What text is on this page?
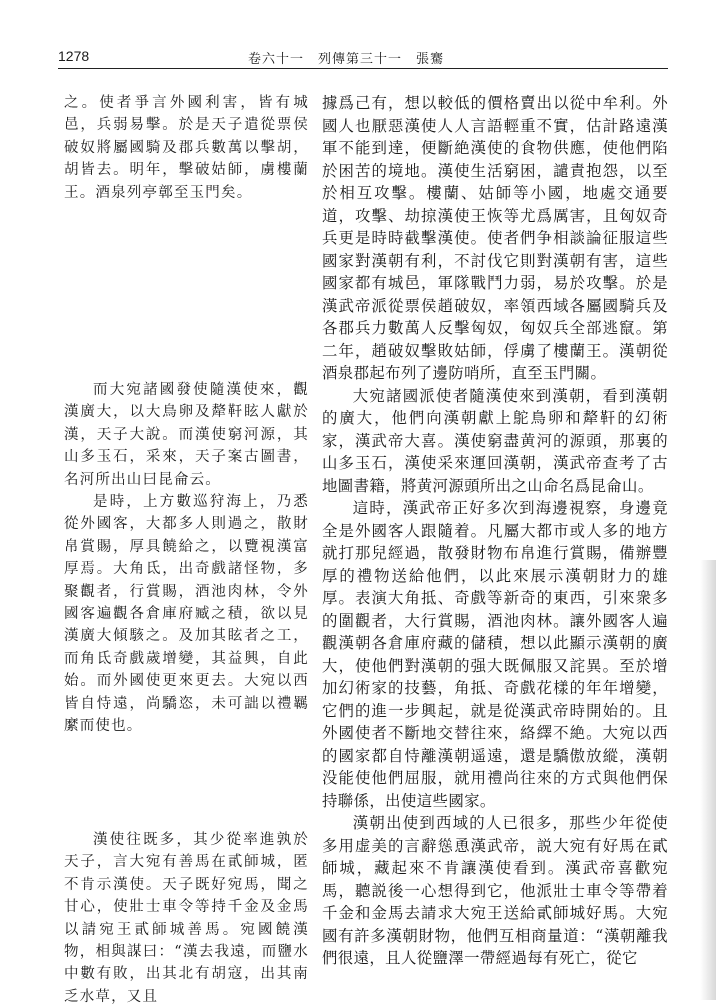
1278	卷六十一　列傳第三十一　張騫

之。使者爭言外國利害，皆有城邑，兵弱易擊。於是天子遣從票侯破奴將屬國騎及郡兵數萬以擊胡，胡皆去。明年，擊破姑師，虜樓蘭王。酒泉列亭鄣至玉門矣。

而大宛諸國發使隨漢使來，觀漢廣大，以大鳥卵及犛靬眩人獻於漢，天子大說。而漢使窮河源，其山多玉石，采來，天子案古圖書，名河所出山曰昆侖云。

是時，上方數巡狩海上，乃悉從外國客，大都多人則過之，散財帛賞賜，厚具饒給之，以覽視漢富厚焉。大角氐，出奇戲諸怪物，多聚觀者，行賞賜，酒池肉林，令外國客遍觀各倉庫府臧之積，欲以見漢廣大傾駭之。及加其眩者之工，而角氐奇戲歲增變，其益興，自此始。而外國使更來更去。大宛以西皆自恃遠，尚驕恣，未可詘以禮羈縻而使也。

漢使往既多，其少從率進孰於天子，言大宛有善馬在貳師城，匿不肯示漢使。天子既好宛馬，聞之甘心，使壯士車令等持千金及金馬以請宛王貳師城善馬。宛國饒漢物，相與謀曰：“漢去我遠，而鹽水中數有敗，出其北有胡寇，出其南乏水草，又且

據爲己有，想以較低的價格賣出以從中牟利。外國人也厭惡漢使人人言語輕重不實，估計路遠漢軍不能到達，便斷絶漢使的食物供應，使他們陷於困苦的境地。漢使生活窮困，譴責抱怨，以至於相互攻擊。樓蘭、姑師等小國，地處交通要道，攻擊、劫掠漢使王恢等尤爲厲害，且匈奴奇兵更是時時截擊漢使。使者們争相談論征服這些國家對漢朝有利，不討伐它則對漢朝有害，這些國家都有城邑，軍隊戰鬥力弱，易於攻擊。於是漢武帝派從票侯趙破奴，率領西域各屬國騎兵及各郡兵力數萬人反擊匈奴，匈奴兵全部逃竄。第二年，趙破奴擊敗姑師，俘虜了樓蘭王。漢朝從酒泉郡起布列了邊防哨所，直至玉門關。

大宛諸國派使者隨漢使來到漢朝，看到漢朝的廣大，他們向漢朝獻上鴕鳥卵和犛靬的幻術家，漢武帝大喜。漢使窮盡黄河的源頭，那裏的山多玉石，漢使采來運回漢朝，漢武帝查考了古地圖書籍，將黄河源頭所出之山命名爲昆侖山。

這時，漢武帝正好多次到海邊視察，身邊竟全是外國客人跟隨着。凡屬大都市或人多的地方就打那兒經過，散發財物布帛進行賞賜，備辦豐厚的禮物送給他們，以此來展示漢朝財力的雄厚。表演大角抵、奇戲等新奇的東西，引來衆多的圍觀者，大行賞賜，酒池肉林。讓外國客人遍觀漢朝各倉庫府藏的儲積，想以此顯示漢朝的廣大，使他們對漢朝的强大既佩服又詫異。至於增加幻術家的技藝，角抵、奇戲花樣的年年增變，它們的進一步興起，就是從漢武帝時開始的。且外國使者不斷地交替往來，絡繹不絶。大宛以西的國家都自恃離漢朝遥遠，還是驕傲放縱，漢朝没能使他們屈服，就用禮尚往來的方式與他們保持聯係，出使這些國家。

漢朝出使到西域的人已很多，那些少年從使多用虚美的言辭慫恿漢武帝，説大宛有好馬在貳師城，藏起來不肯讓漢使看到。漢武帝喜歡宛馬，聽説後一心想得到它，他派壯士車令等帶着千金和金馬去請求大宛王送給貳師城好馬。大宛國有許多漢朝財物，他們互相商量道：“漢朝離我們很遠，且人從鹽澤一帶經過每有死亡，從它
